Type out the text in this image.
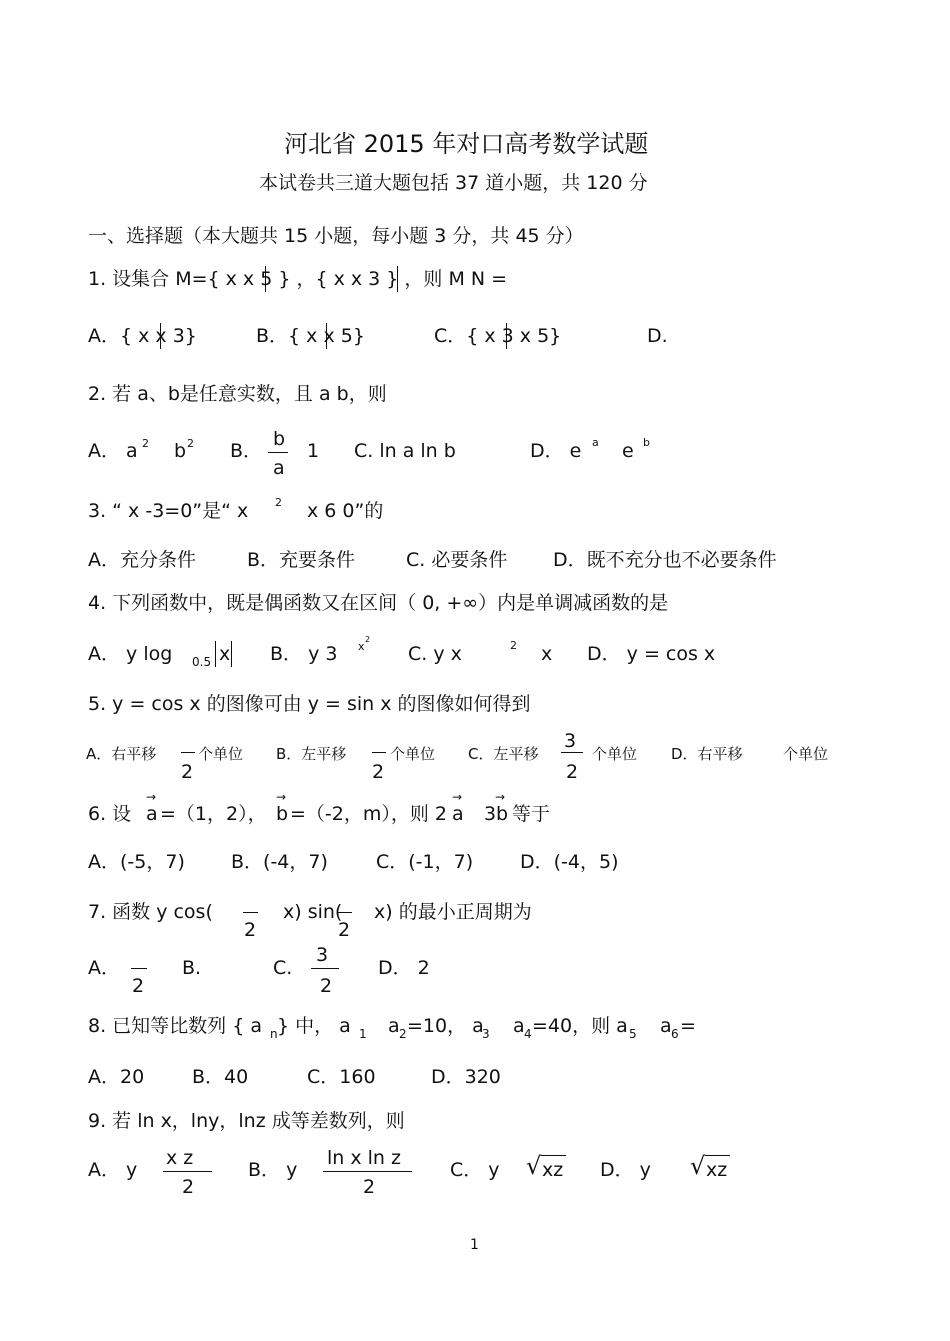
河北省 2015 年对口高考数学试题
本试卷共三道大题包括 37 道小题，共 120 分
一、选择题（本大题共 15 小题，每小题 3 分，共 45 分）
1. 设集合 M={ x x 5 } ，{ x x 3 } ，则 M N =
A．{ x x 3}	B．{ x x 5}	C．{ x 3 x 5}	D.
2. 若 a、b是任意实数，且 a b，则
A． a 2 b 2 B．
b
a
1 C. ln a ln b	D． e a e b
3. “ x -3=0”是“ x 2 x 6 0”的
A．充分条件	B．充要条件	C. 必要条件 D．既不充分也不必要条件
4. 下列函数中，既是偶函数又在区间（ 0, +∞）内是单调减函数的是
A． y log 0.5 x B． y 3 x
2
C. y x	2 x D． y = cos x
5. y = cos x 的图像可由 y = sin x 的图像如何得到
A．右平移
2
个单位 B．左平移
2
个单位 C．左平移
3
2
个单位 D．右平移	个单位
6. 设
→
a =（1，2），
→
b =（-2，m），则 2
→
a 3
→
b 等于
A．(-5，7) B．(-4，7)	C．(-1，7) D．(-4，5)
7. 函数 y cos(
2
x) sin(
2
x) 的最小正周期为
A．
2
B.	C.
3
2
D． 2
8. 已知等比数列 { a n } 中， a 1 a 2 =10， a
3 a 4 =40，则 a 5 a 6 =
A．20	B．40	C．160	D．320
9. 若 ln x，lny，lnz 成等差数列，则
A． y
x z
2
B． y
ln x ln z
2
C． y √ xz D． y √ xz
1
